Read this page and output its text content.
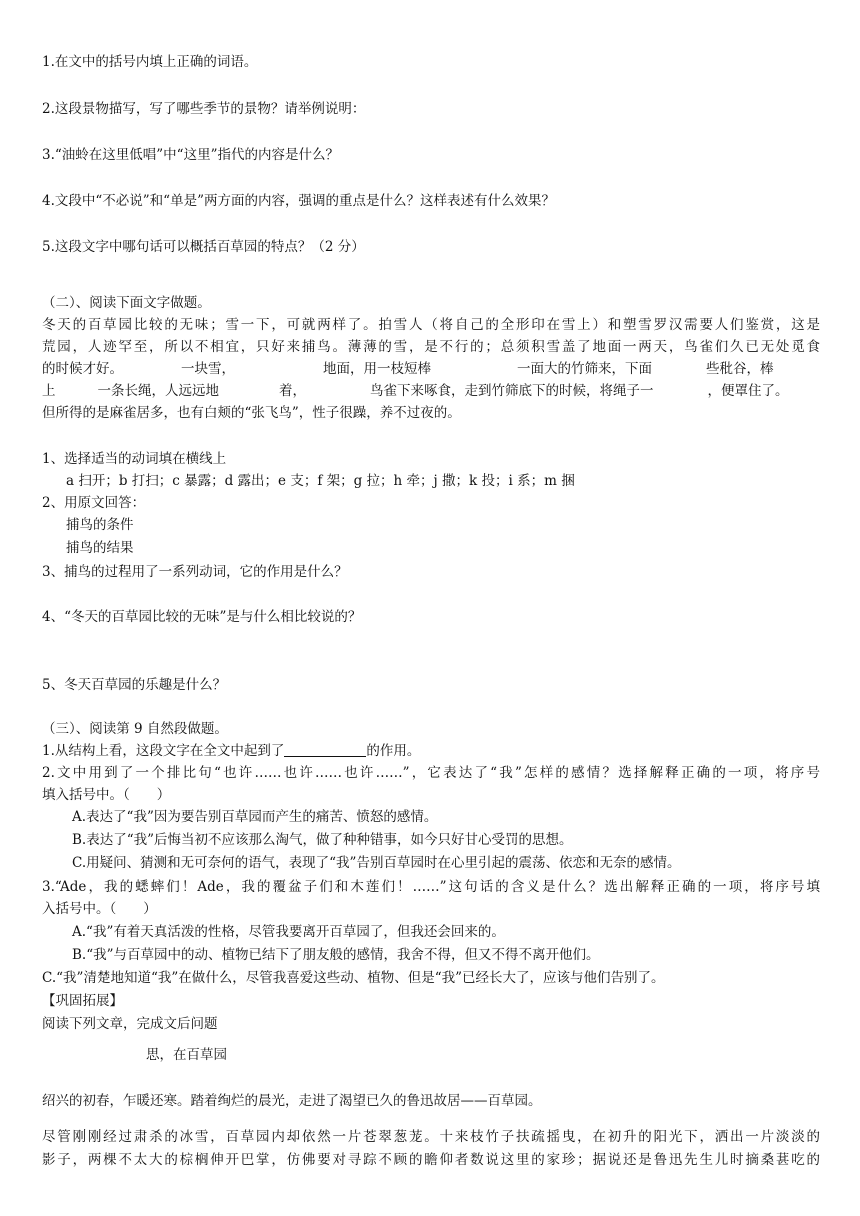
1.在文中的括号内填上正确的词语。
2.这段景物描写，写了哪些季节的景物？请举例说明：
3.“油蛉在这里低唱”中“这里”指代的内容是什么？
4.文段中“不必说”和“单是”两方面的内容，强调的重点是什么？这样表述有什么效果？
5.这段文字中哪句话可以概括百草园的特点？（2 分）
（二）、阅读下面文字做题。
冬天的百草园比较的无味；雪一下，可就两样了。拍雪人（将自己的全形印在雪上）和塑雪罗汉需要人们鉴赏，这是
荒园，人迹罕至，所以不相宜，只好来捕鸟。薄薄的雪，是不行的；总须积雪盖了地面一两天，鸟雀们久已无处觅食
的时候才好。	一块雪，	地面，用一枝短棒	一面大的竹筛来，下面	些秕谷，棒
上	一条长绳，人远远地	着，	鸟雀下来啄食，走到竹筛底下的时候，将绳子一	，便罩住了。
但所得的是麻雀居多，也有白颊的“张飞鸟”，性子很躁，养不过夜的。
1、选择适当的动词填在横线上
a 扫开；b 打扫；c 暴露；d 露出；e 支；f 架；g 拉；h 牵；j 撒；k 投；i 系；m 捆
2、用原文回答：
捕鸟的条件
捕鸟的结果
3、捕鸟的过程用了一系列动词，它的作用是什么？
4、“冬天的百草园比较的无味”是与什么相比较说的？
5、冬天百草园的乐趣是什么？
（三）、阅读第 9 自然段做题。
1.从结构上看，这段文字在全文中起到了	的作用。
2.文中用到了一个排比句“也许……也许……也许……”，它表达了“我”怎样的感情？选择解释正确的一项，将序号
填入括号中。（　　）
A.表达了“我”因为要告别百草园而产生的痛苦、愤怒的感情。
B.表达了“我”后悔当初不应该那么淘气，做了种种错事，如今只好甘心受罚的思想。
C.用疑问、猜测和无可奈何的语气，表现了“我”告别百草园时在心里引起的震荡、依恋和无奈的感情。
3.“Ade，我的蟋蟀们！Ade，我的覆盆子们和木莲们！……”这句话的含义是什么？选出解释正确的一项，将序号填
入括号中。（　　）
A.“我”有着天真活泼的性格，尽管我要离开百草园了，但我还会回来的。
B.“我”与百草园中的动、植物已结下了朋友般的感情，我舍不得，但又不得不离开他们。
C.“我”清楚地知道“我”在做什么，尽管我喜爱这些动、植物、但是“我”已经长大了，应该与他们告别了。
【巩固拓展】
阅读下列文章，完成文后问题
思，在百草园
绍兴的初春，乍暖还寒。踏着绚烂的晨光，走进了渴望已久的鲁迅故居——百草园。
尽管刚刚经过肃杀的冰雪，百草园内却依然一片苍翠葱茏。十来枝竹子扶疏摇曳，在初升的阳光下，洒出一片淡淡的
影子，两棵不太大的棕榈伸开巴掌，仿佛要对寻踪不顾的瞻仰者数说这里的家珍；据说还是鲁迅先生儿时摘桑葚吃的
